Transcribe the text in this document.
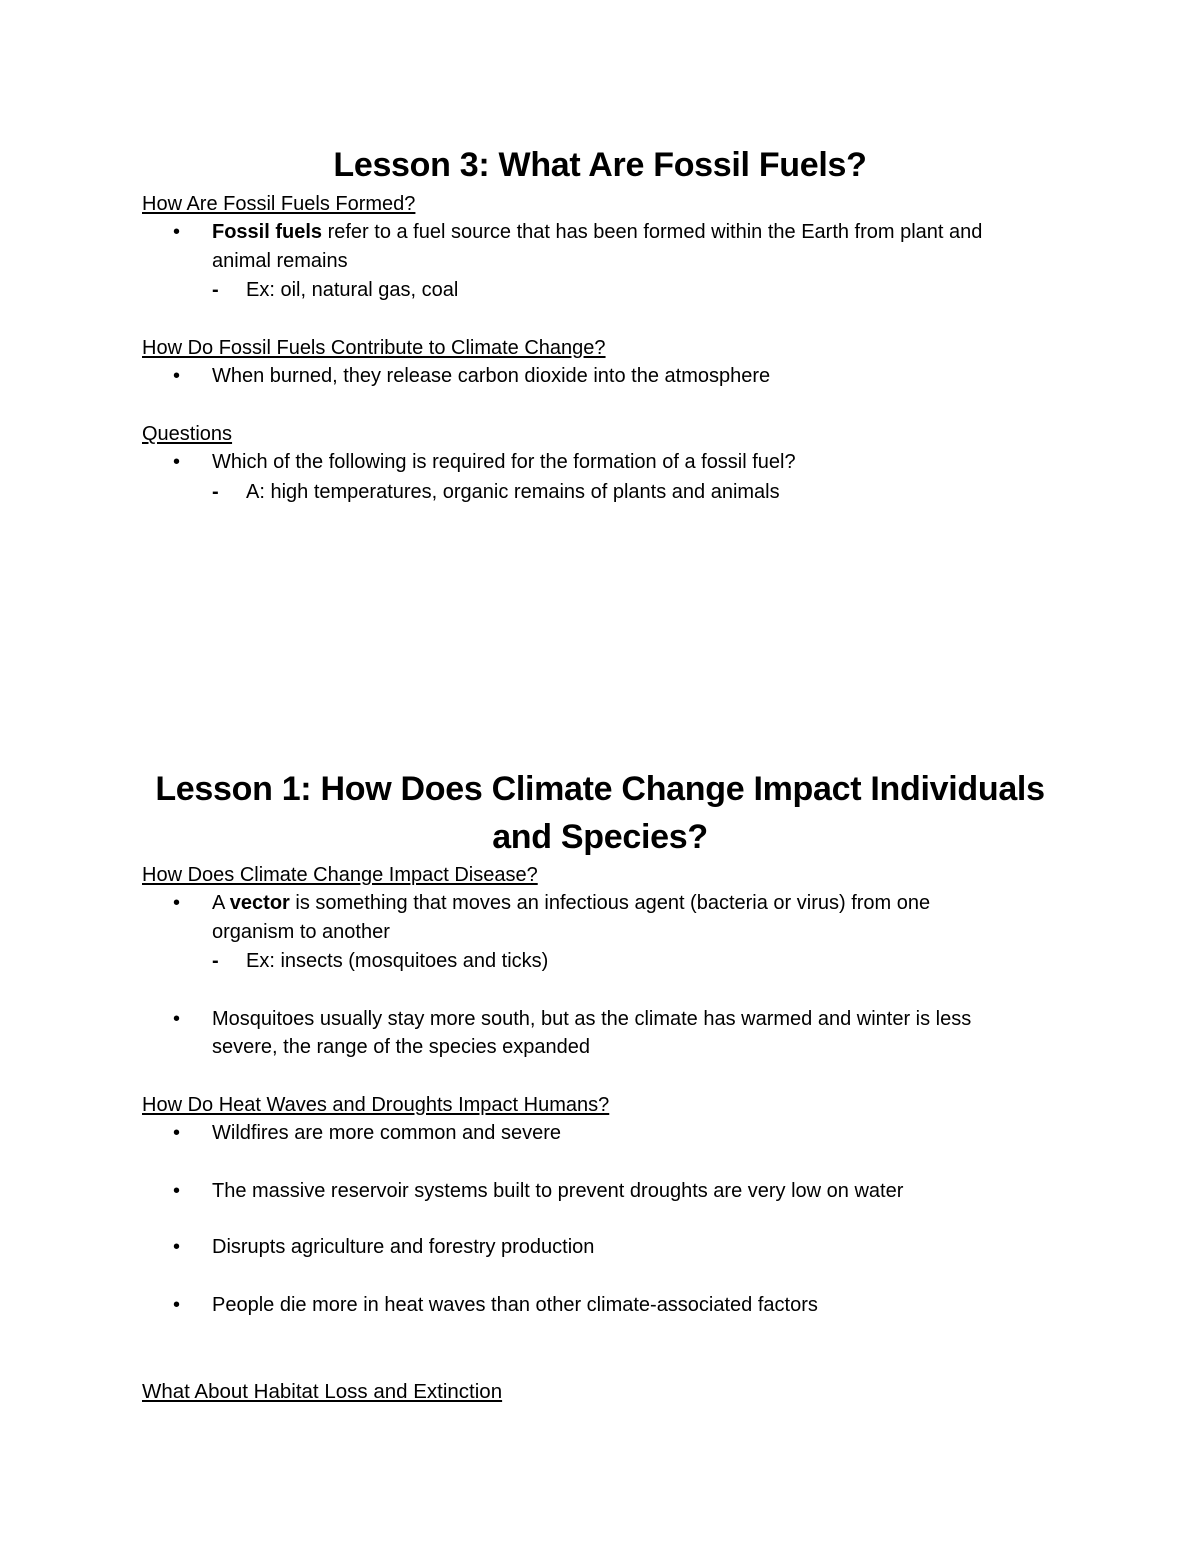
Lesson 3: What Are Fossil Fuels?
How Are Fossil Fuels Formed?
• Fossil fuels refer to a fuel source that has been formed within the Earth from plant and
animal remains
- Ex: oil, natural gas, coal
How Do Fossil Fuels Contribute to Climate Change?
• When burned, they release carbon dioxide into the atmosphere
Questions
• Which of the following is required for the formation of a fossil fuel?
- A: high temperatures, organic remains of plants and animals
Lesson 1: How Does Climate Change Impact Individuals
and Species?
How Does Climate Change Impact Disease?
• A vector is something that moves an infectious agent (bacteria or virus) from one
organism to another
- Ex: insects (mosquitoes and ticks)
• Mosquitoes usually stay more south, but as the climate has warmed and winter is less
severe, the range of the species expanded
How Do Heat Waves and Droughts Impact Humans?
• Wildfires are more common and severe
• The massive reservoir systems built to prevent droughts are very low on water
• Disrupts agriculture and forestry production
• People die more in heat waves than other climate-associated factors
What About Habitat Loss and Extinction
